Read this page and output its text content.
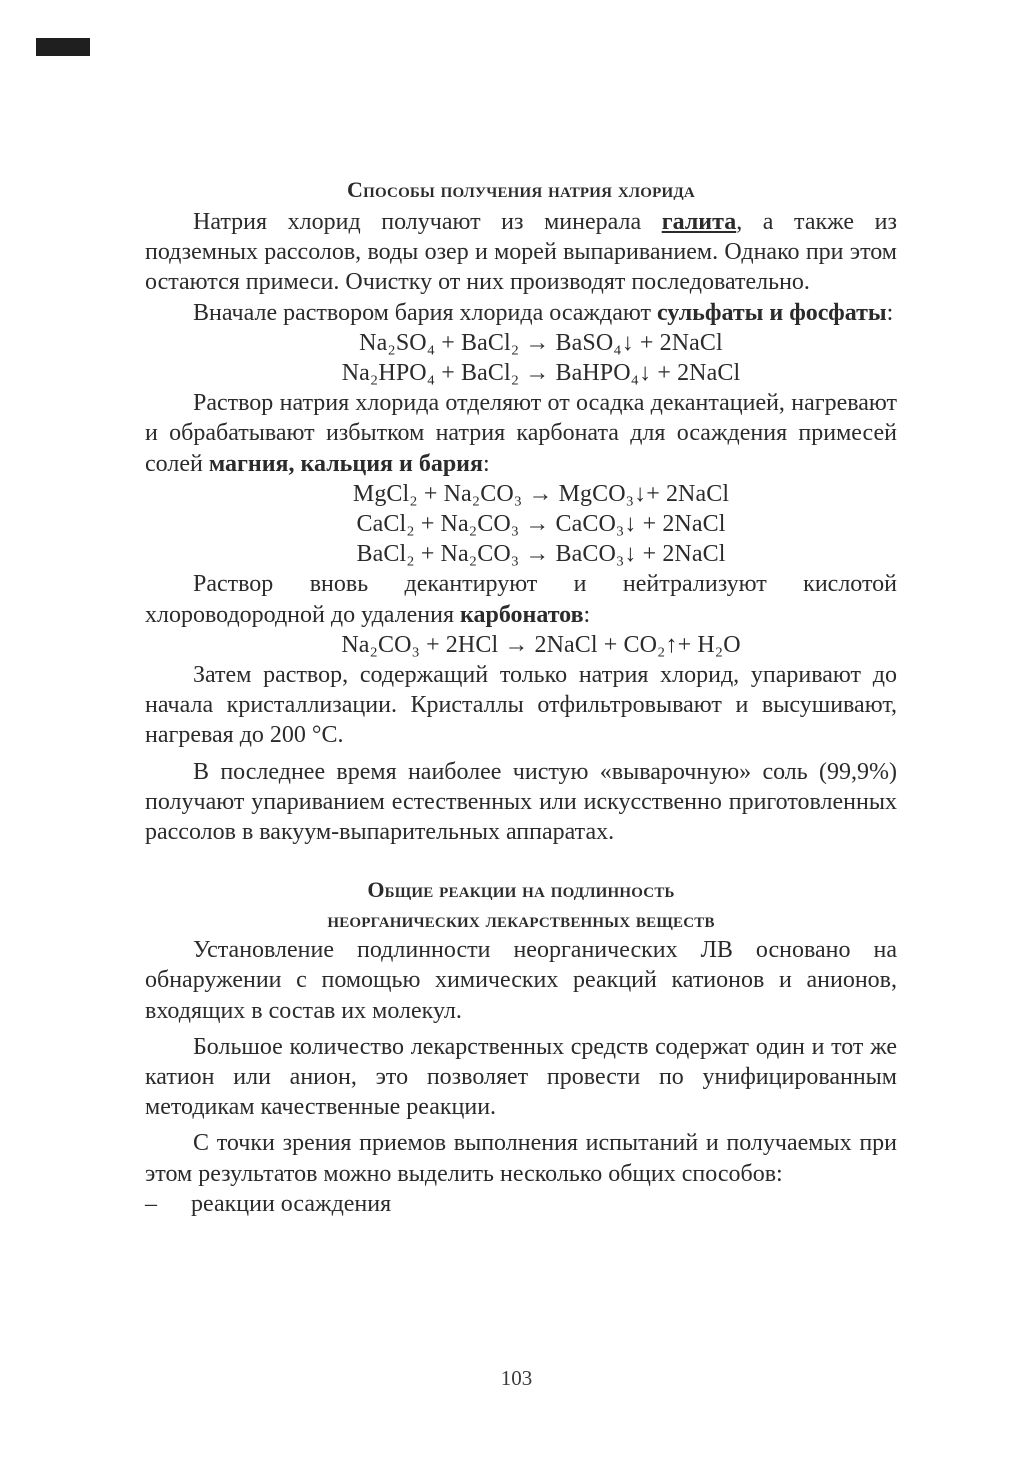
Способы получения натрия хлорида

Натрия хлорид получают из минерала галита, а также из подземных рассолов, воды озер и морей выпариванием. Однако при этом остаются примеси. Очистку от них производят последовательно.

Вначале раствором бария хлорида осаждают сульфаты и фосфаты:

Na₂SO₄ + BaCl₂ → BaSO₄↓ + 2NaCl

Na₂HPO₄ + BaCl₂ → BaHPO₄↓ + 2NaCl

Раствор натрия хлорида отделяют от осадка декантацией, нагревают и обрабатывают избытком натрия карбоната для осаждения примесей солей магния, кальция и бария:

MgCl₂ + Na₂CO₃ → MgCO₃↓+ 2NaCl

CaCl₂ + Na₂CO₃ → CaCO₃↓ + 2NaCl

BaCl₂ + Na₂CO₃ → BaCO₃↓ + 2NaCl

Раствор вновь декантируют и нейтрализуют кислотой хлороводородной до удаления карбонатов:

Na₂CO₃ + 2HCl → 2NaCl + CO₂↑+ H₂O

Затем раствор, содержащий только натрия хлорид, упаривают до начала кристаллизации. Кристаллы отфильтровывают и высушивают, нагревая до 200 °С.

В последнее время наиболее чистую «выварочную» соль (99,9%) получают упариванием естественных или искусственно приготовленных рассолов в вакуум-выпарительных аппаратах.

Общие реакции на подлинность
неорганических лекарственных веществ

Установление подлинности неорганических ЛВ основано на обнаружении с помощью химических реакций катионов и анионов, входящих в состав их молекул.

Большое количество лекарственных средств содержат один и тот же катион или анион, это позволяет провести по унифицированным методикам качественные реакции.

С точки зрения приемов выполнения испытаний и получаемых при этом результатов можно выделить несколько общих способов:

–	реакции осаждения
103
